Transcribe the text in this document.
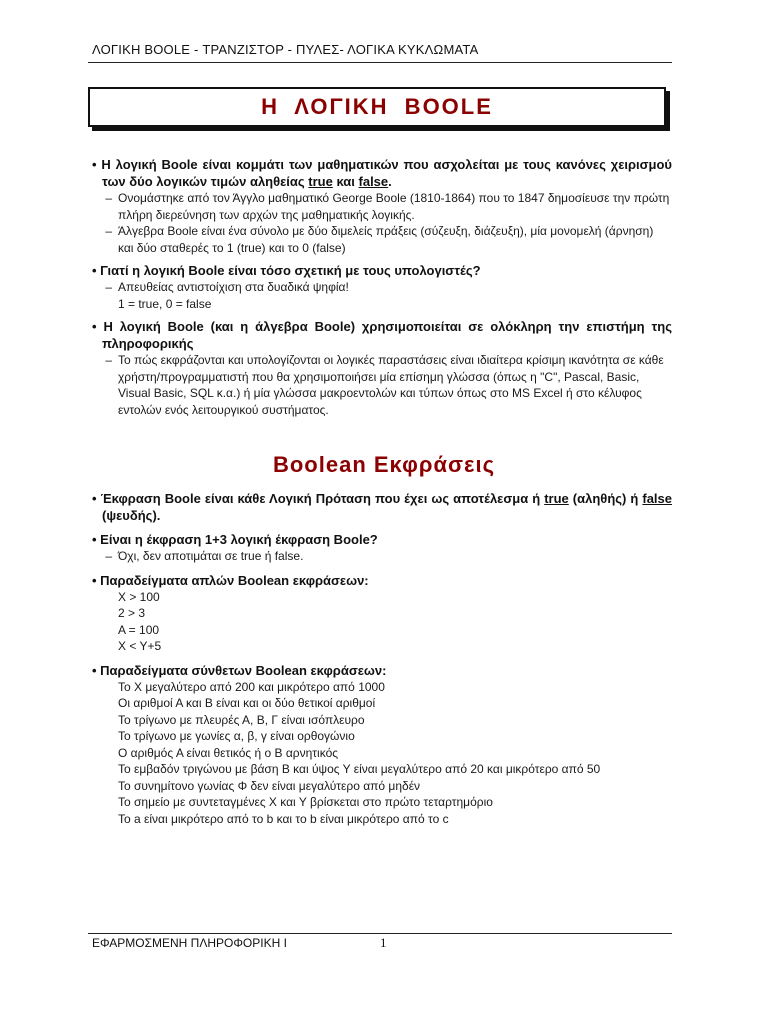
ΛΟΓΙΚΗ BOOLE - ΤΡΑΝΖΙΣΤΟΡ - ΠΥΛΕΣ- ΛΟΓΙΚΑ ΚΥΚΛΩΜΑΤΑ
Η ΛΟΓΙΚΗ BOOLE

• Η λογική Boole είναι κομμάτι των μαθηματικών που ασχολείται με τους κανόνες χειρισμού των δύο λογικών τιμών αληθείας true και false.

– Ονομάστηκε από τον Άγγλο μαθηματικό George Boole (1810-1864) που το 1847 δημοσίευσε την πρώτη πλήρη διερεύνηση των αρχών της μαθηματικής λογικής.

– Άλγεβρα Boole είναι ένα σύνολο με δύο διμελείς πράξεις (σύζευξη, διάζευξη), μία μονομελή (άρνηση) και δύο σταθερές το 1 (true) και το 0 (false)

• Γιατί η λογική Boole είναι τόσο σχετική με τους υπολογιστές?

– Απευθείας αντιστοίχιση στα δυαδικά ψηφία!

1 = true, 0 = false

• Η λογική Boole (και η άλγεβρα Boole) χρησιμοποιείται σε ολόκληρη την επιστήμη της πληροφορικής

– Το πώς εκφράζονται και υπολογίζονται οι λογικές παραστάσεις είναι ιδιαίτερα κρίσιμη ικανότητα σε κάθε χρήστη/προγραμματιστή που θα χρησιμοποιήσει μία επίσημη γλώσσα (όπως η "C", Pascal, Basic, Visual Basic, SQL κ.α.) ή μία γλώσσα μακροεντολών και τύπων όπως στο MS Excel ή στο κέλυφος εντολών ενός λειτουργικού συστήματος.

Boolean Εκφράσεις

• Έκφραση Boole είναι κάθε Λογική Πρόταση που έχει ως αποτέλεσμα ή true (αληθής) ή false (ψευδής).

• Είναι η έκφραση 1+3 λογική έκφραση Boole?

– Όχι, δεν αποτιμάται σε true ή false.

• Παραδείγματα απλών Boolean εκφράσεων:

X > 100

2 > 3

A = 100

X < Y+5

• Παραδείγματα σύνθετων Boolean εκφράσεων:

Το Χ μεγαλύτερο από 200 και μικρότερο από 1000

Οι αριθμοί Α και Β είναι και οι δύο θετικοί αριθμοί

Το τρίγωνο με πλευρές Α, Β, Γ είναι ισόπλευρο

Το τρίγωνο με γωνίες α, β, γ είναι ορθογώνιο

Ο αριθμός Α είναι θετικός ή ο Β αρνητικός

Το εμβαδόν τριγώνου με βάση Β και ύψος Υ είναι μεγαλύτερο από 20 και μικρότερο από 50

Το συνημίτονο γωνίας Φ δεν είναι μεγαλύτερο από μηδέν

Το σημείο με συντεταγμένες Χ και Υ βρίσκεται στο πρώτο τεταρτημόριο

Το a είναι μικρότερο από το b και το b είναι μικρότερο από το c

ΕΦΑΡΜΟΣΜΕΝΗ ΠΛΗΡΟΦΟΡΙΚΗ Ι	1
